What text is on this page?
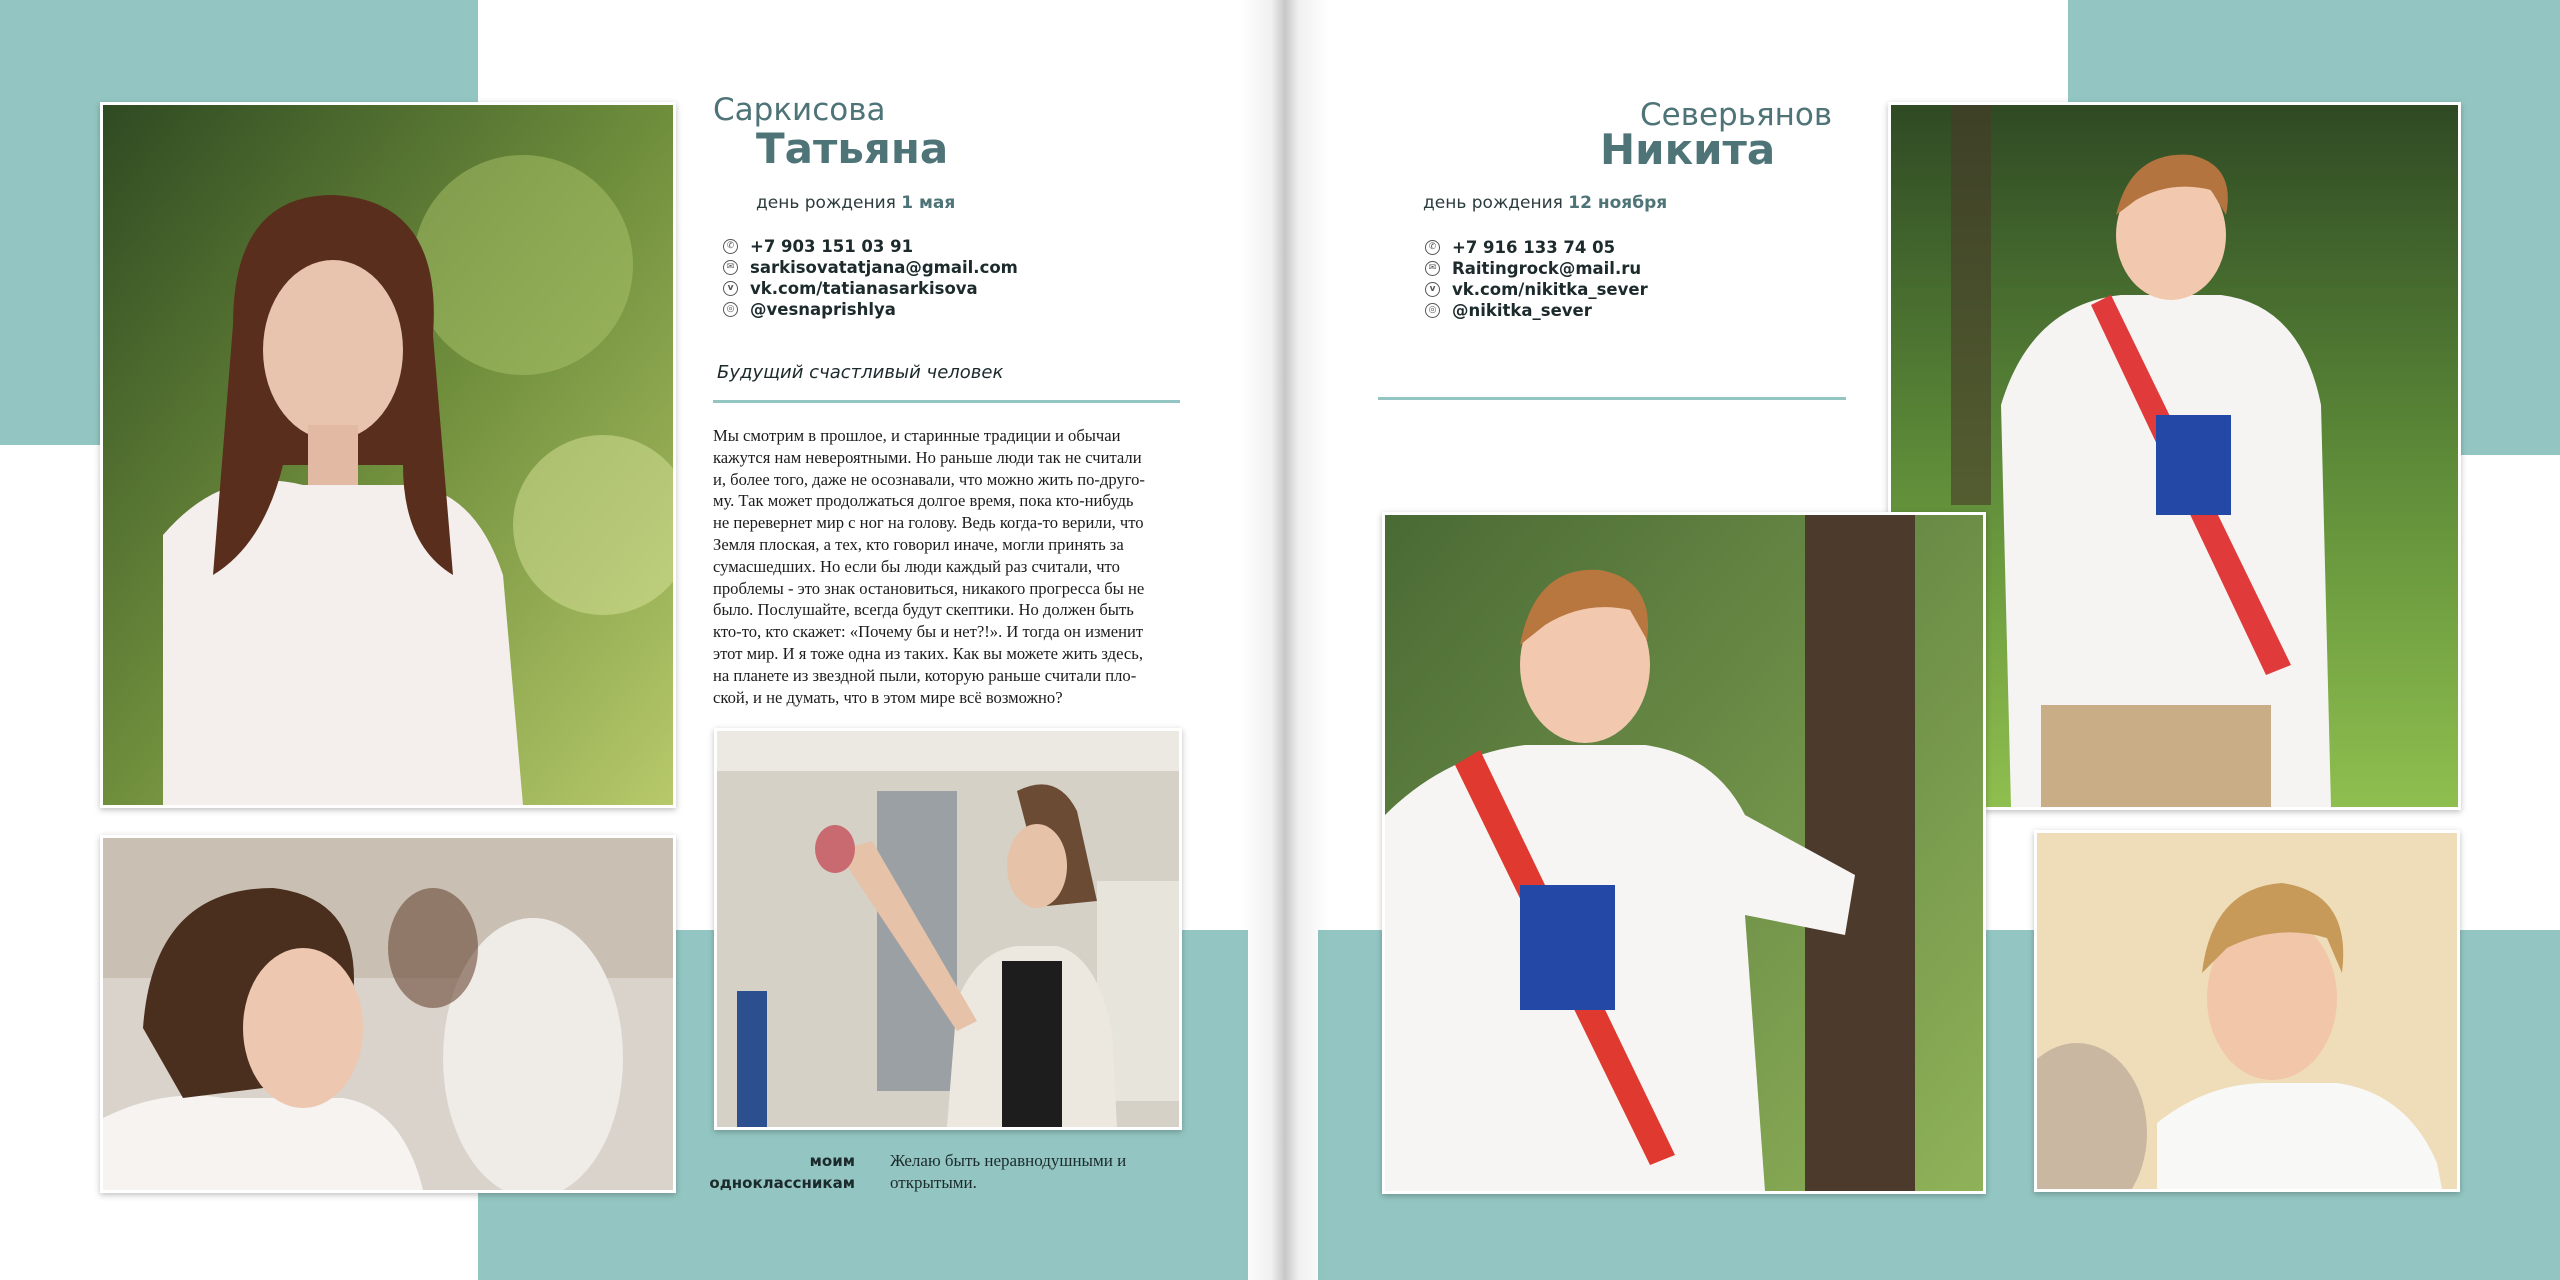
Саркисова
Татьяна
день рождения 1 мая
✆ +7 903 151 03 91
✉ sarkisovatatjana@gmail.com
v vk.com/tatianasarkisova
◎ @vesnaprishlya
Будущий счастливый человек

Мы смотрим в прошлое, и старинные традиции и обычаи

кажутся нам невероятными. Но раньше люди так не считали

и, более того, даже не осознавали, что можно жить по-друго-

му. Так может продолжаться долгое время, пока кто-нибудь

не перевернет мир с ног на голову. Ведь когда-то верили, что

Земля плоская, а тех, кто говорил иначе, могли принять за

сумасшедших. Но если бы люди каждый раз считали, что

проблемы - это знак остановиться, никакого прогресса бы не

было. Послушайте, всегда будут скептики. Но должен быть

кто-то, кто скажет: «Почему бы и нет?!». И тогда он изменит

этот мир. И я тоже одна из таких. Как вы можете жить здесь,

на планете из звездной пыли, которую раньше считали пло-

ской, и не думать, что в этом мире всё возможно?

моим
одноклассникам
Желаю быть неравнодушными и
открытыми.
Северьянов
Никита
день рождения 12 ноября
✆ +7 916 133 74 05
✉ Raitingrock@mail.ru
v vk.com/nikitka_sever
◎ @nikitka_sever
